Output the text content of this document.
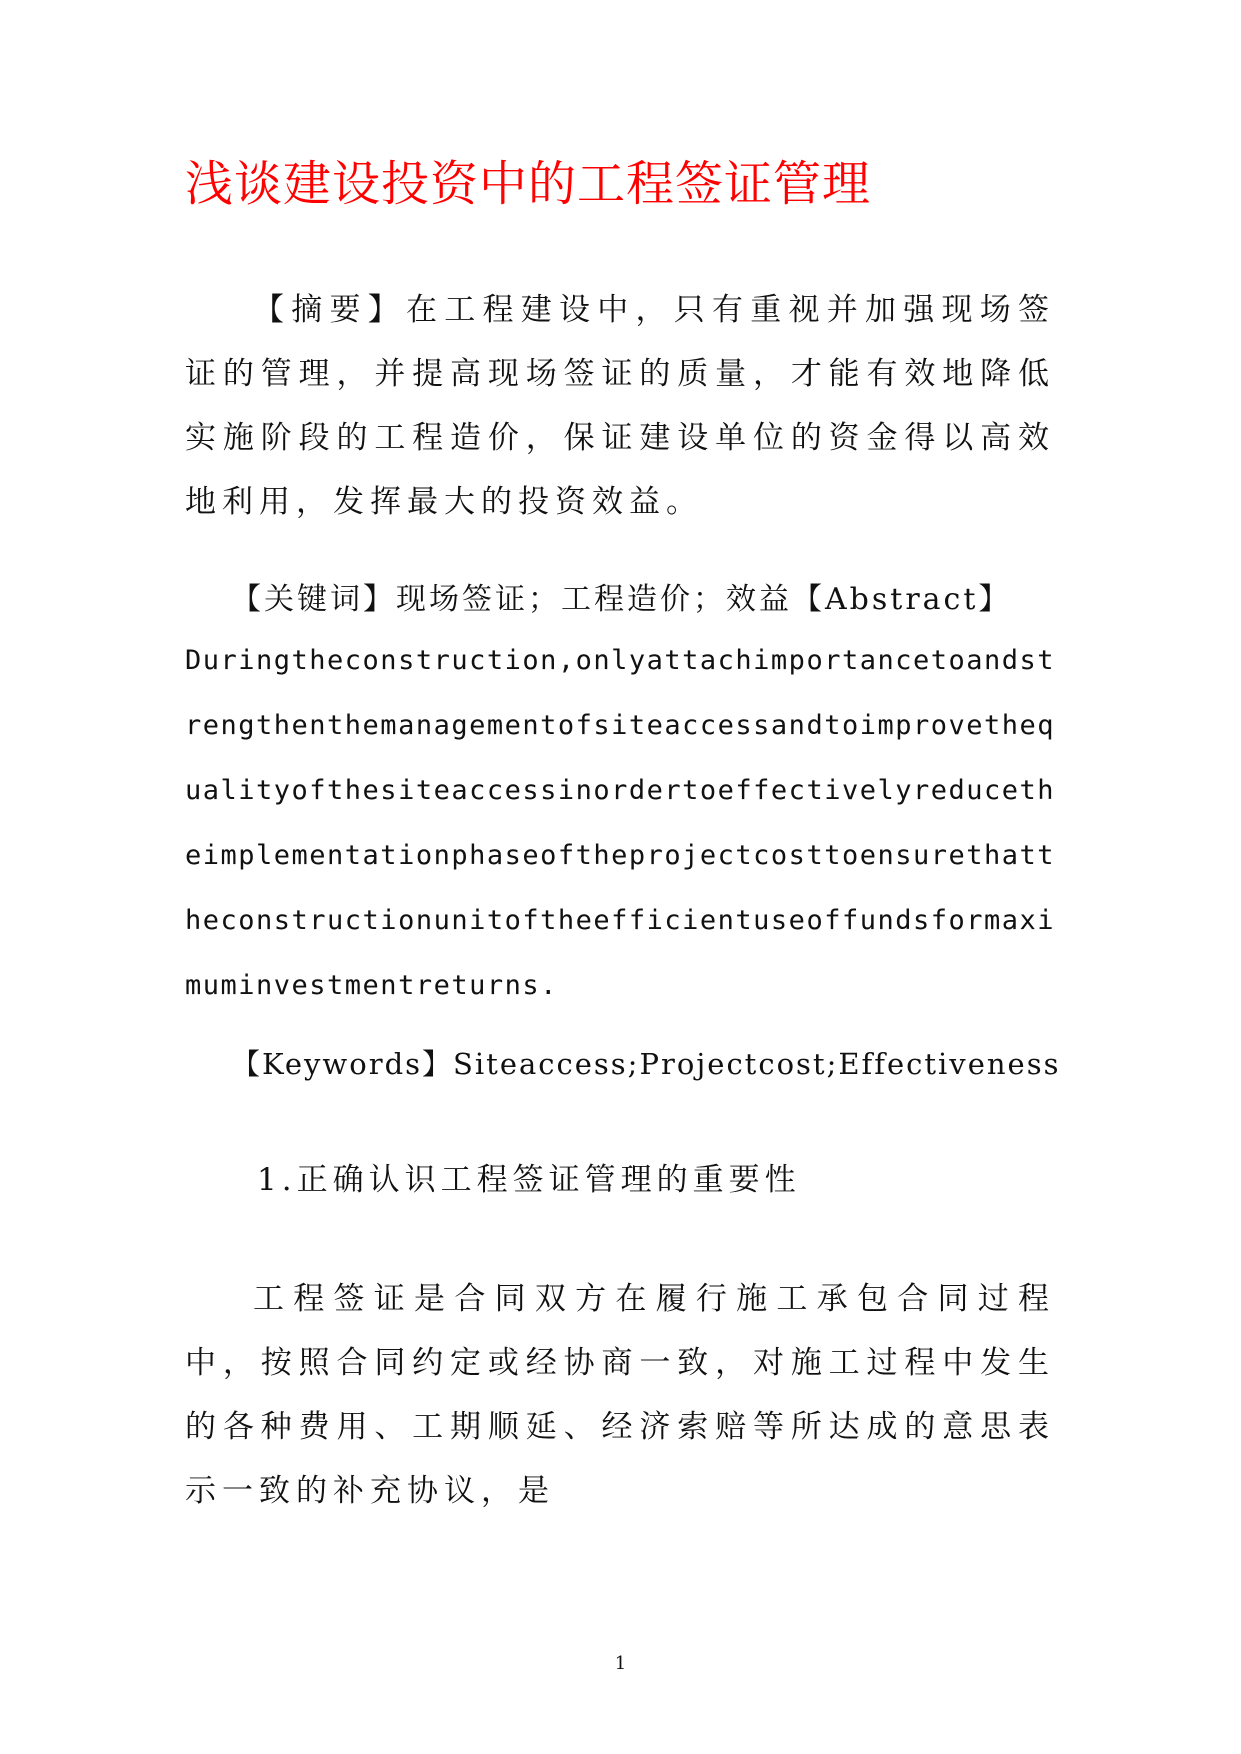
浅谈建设投资中的工程签证管理
【摘要】在工程建设中，只有重视并加强现场签证的管理，并提高现场签证的质量，才能有效地降低实施阶段的工程造价，保证建设单位的资金得以高效地利用，发挥最大的投资效益。
【关键词】现场签证；工程造价；效益【Abstract】
Duringtheconstruction,onlyattachimportancetoandstrengthenthemanagementofsiteaccessandtoimprovethequalityofthesiteaccessinordertoeffectivelyreducetheimplementationphaseoftheprojectcosttoensurethattheconstructionunitoftheefficientuseoffundsformaximuminvestmentreturns.
【Keywords】Siteaccess;Projectcost;Effectiveness
1.正确认识工程签证管理的重要性
工程签证是合同双方在履行施工承包合同过程中，按照合同约定或经协商一致，对施工过程中发生的各种费用、工期顺延、经济索赔等所达成的意思表示一致的补充协议，是
1
